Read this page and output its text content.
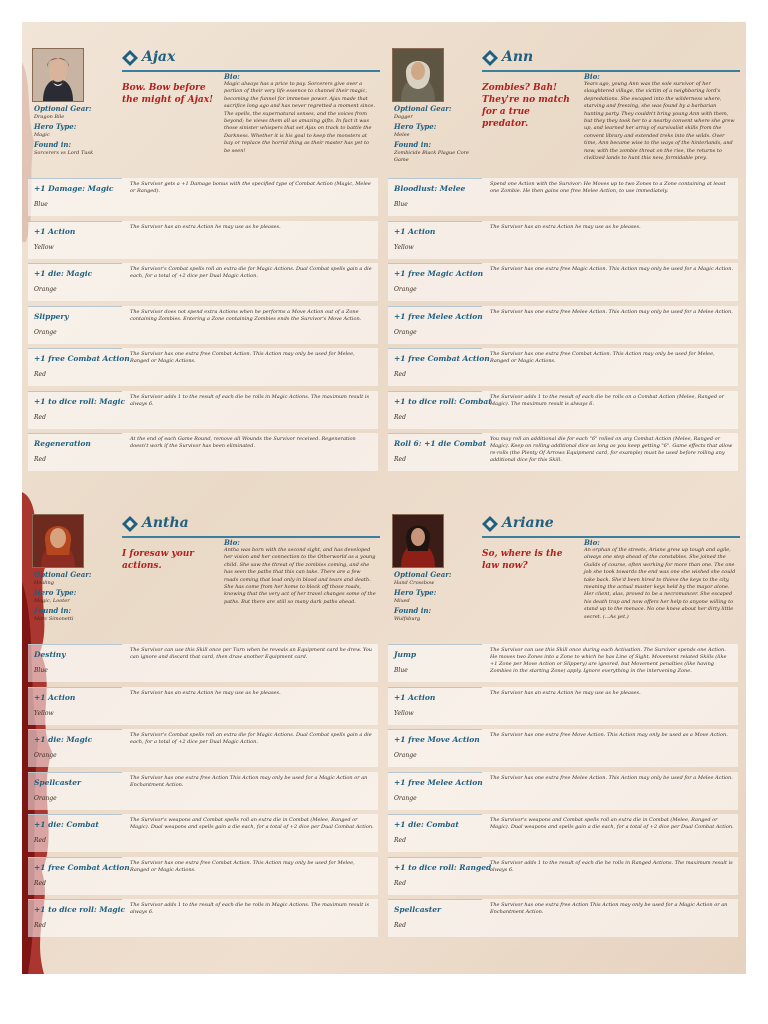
Ajax
Bow. Bow before the might of Ajax!
Bio:
Magic always has a price to pay. Sorcerers give over a portion of their very life essence to channel their magic, becoming the funnel for immense power. Ajax made that sacrifice long ago and has never regretted a moment since. The spells, the supernatural senses, and the voices from beyond; he views them all as amazing gifts. In fact it was those sinister whispers that set Ajax on track to battle the Darkness. Whether it is his goal to keep the monsters at bay or replace the horrid thing as their master has yet to be seen!
Optional Gear:
Dragon Bile
Hero Type:
Magic
Found in:
Sorcerers vs Lord Tusk
+1 Damage: Magic
Blue
The Survivor gets a +1 Damage bonus with the specified type of Combat Action (Magic, Melee or Ranged).
+1 Action
Yellow
The Survivor has an extra Action he may use as he pleases.
+1 die: Magic
Orange
The Survivor's Combat spells roll an extra die for Magic Actions. Dual Combat spells gain a die each, for a total of +2 dice per Dual Magic Action.
Slippery
Orange
The Survivor does not spend extra Actions when he performs a Move Action out of a Zone containing Zombies. Entering a Zone containing Zombies ends the Survivor's Move Action.
+1 free Combat Action
Red
The Survivor has one extra free Combat Action. This Action may only be used for Melee, Ranged or Magic Actions.
+1 to dice roll: Magic
Red
The Survivor adds 1 to the result of each die he rolls in Magic Actions. The maximum result is always 6.
Regeneration
Red
At the end of each Game Round, remove all Wounds the Survivor received. Regeneration doesn't work if the Survivor has been eliminated.
Ann
Zombies? Bah! They're no match for a true predator.
Bio:
Years ago, young Ann was the sole survivor of her slaughtered village, the victim of a neighboring lord's depredations. She escaped into the wilderness where, starving and freezing, she was found by a barbarian hunting party. They couldn't bring young Ann with them, but they they took her to a nearby convent where she grew up, and learned her array of survivalist skills from the convent library and extended treks into the wilds. Over time, Ann became wise to the ways of the hinterlands, and now, with the zombie threat on the rise, the returns to civilized lands to hunt this new, formidable prey.
Optional Gear:
Dagger
Hero Type:
Melee
Found in:
Zombicide Black Plague Core Game
Bloodlust: Melee
Blue
Spend one Action with the Survivor: He Moves up to two Zones to a Zone containing at least one Zombie. He then gains one free Melee Action, to use immediately.
+1 Action
Yellow
The Survivor has an extra Action he may use as he pleases.
+1 free Magic Action
Orange
The Survivor has one extra free Magic Action. This Action may only be used for a Magic Action.
+1 free Melee Action
Orange
The Survivor has one extra free Melee Action. This Action may only be used for a Melee Action.
+1 free Combat Action
Red
The Survivor has one extra free Combat Action. This Action may only be used for Melee, Ranged or Magic Actions.
+1 to dice roll: Combat
Red
The Survivor adds 1 to the result of each die he rolls on a Combat Action (Melee, Ranged or Magic). The maximum result is always 6.
Roll 6: +1 die Combat
Red
You may roll an additional die for each "6" rolled on any Combat Action (Melee, Ranged or Magic). Keep on rolling additional dice as long as you keep getting "6". Game effects that allow re-rolls (the Plenty Of Arrows Equipment card, for example) must be used before rolling any additional dice for this Skill.
Antha
I foresaw your actions.
Bio:
Antha was born with the second sight, and has developed her vision and her connection to the Otherworld as a young child. She saw the threat of the zombies coming, and she has seen the paths that this can take. There are a few roads coming that lead only in blood and tears and death. She has come from her home to block off those roads, knowing that the very act of her travel changes some of the paths. But there are still so many dark paths ahead.
Optional Gear:
Healing
Hero Type:
Magic, Looter
Found in:
Marc Simonetti
Destiny
Blue
The Survivor can use this Skill once per Turn when he reveals an Equipment card he drew. You can ignore and discard that card, then draw another Equipment card.
+1 Action
Yellow
The Survivor has an extra Action he may use as he pleases.
+1 die: Magic
Orange
The Survivor's Combat spells roll an extra die for Magic Actions. Dual Combat spells gain a die each, for a total of +2 dice per Dual Magic Action.
Spellcaster
Orange
The Survivor has one extra free Action This Action may only be used for a Magic Action or an Enchantment Action.
+1 die: Combat
Red
The Survivor's weapons and Combat spells roll an extra die in Combat (Melee, Ranged or Magic). Dual weapons and spells gain a die each, for a total of +2 dice per Dual Combat Action.
+1 free Combat Action
Red
The Survivor has one extra free Combat Action. This Action may only be used for Melee, Ranged or Magic Actions.
+1 to dice roll: Magic
Red
The Survivor adds 1 to the result of each die he rolls in Magic Actions. The maximum result is always 6.
Ariane
So, where is the law now?
Bio:
An orphan of the streets, Ariane grew up tough and agile, always one step ahead of the constables. She joined the Guilds of course, often working for more than one. The one job she took towards the end was one she wished she could take back. She'd been hired to thieve the keys to the city, meaning the actual master keys held by the mayor alone. Her client, alas, proved to be a necromancer. She escaped his death trap and now offers her help to anyone willing to stand up to the menace. No one knew about her dirty little secret. (...As yet.)
Optional Gear:
Hand Crossbow
Hero Type:
Mixed
Found in:
Wulfsburg
Jump
Blue
The Survivor can use this Skill once during each Activation. The Survivor spends one Action. He moves two Zones into a Zone to which he has Line of Sight. Movement related Skills (like +1 Zone per Move Action or Slippery) are ignored, but Movement penalties (like having Zombies in the starting Zone) apply. Ignore everything in the intervening Zone.
+1 Action
Yellow
The Survivor has an extra Action he may use as he pleases.
+1 free Move Action
Orange
The Survivor has one extra free Move Action. This Action may only be used as a Move Action.
+1 free Melee Action
Orange
The Survivor has one extra free Melee Action. This Action may only be used for a Melee Action.
+1 die: Combat
Red
The Survivor's weapons and Combat spells roll an extra die in Combat (Melee, Ranged or Magic). Dual weapons and spells gain a die each, for a total of +2 dice per Dual Combat Action.
+1 to dice roll: Ranged
Red
The Survivor adds 1 to the result of each die he rolls in Ranged Actions. The maximum result is always 6.
Spellcaster
Red
The Survivor has one extra free Action This Action may only be used for a Magic Action or an Enchantment Action.
